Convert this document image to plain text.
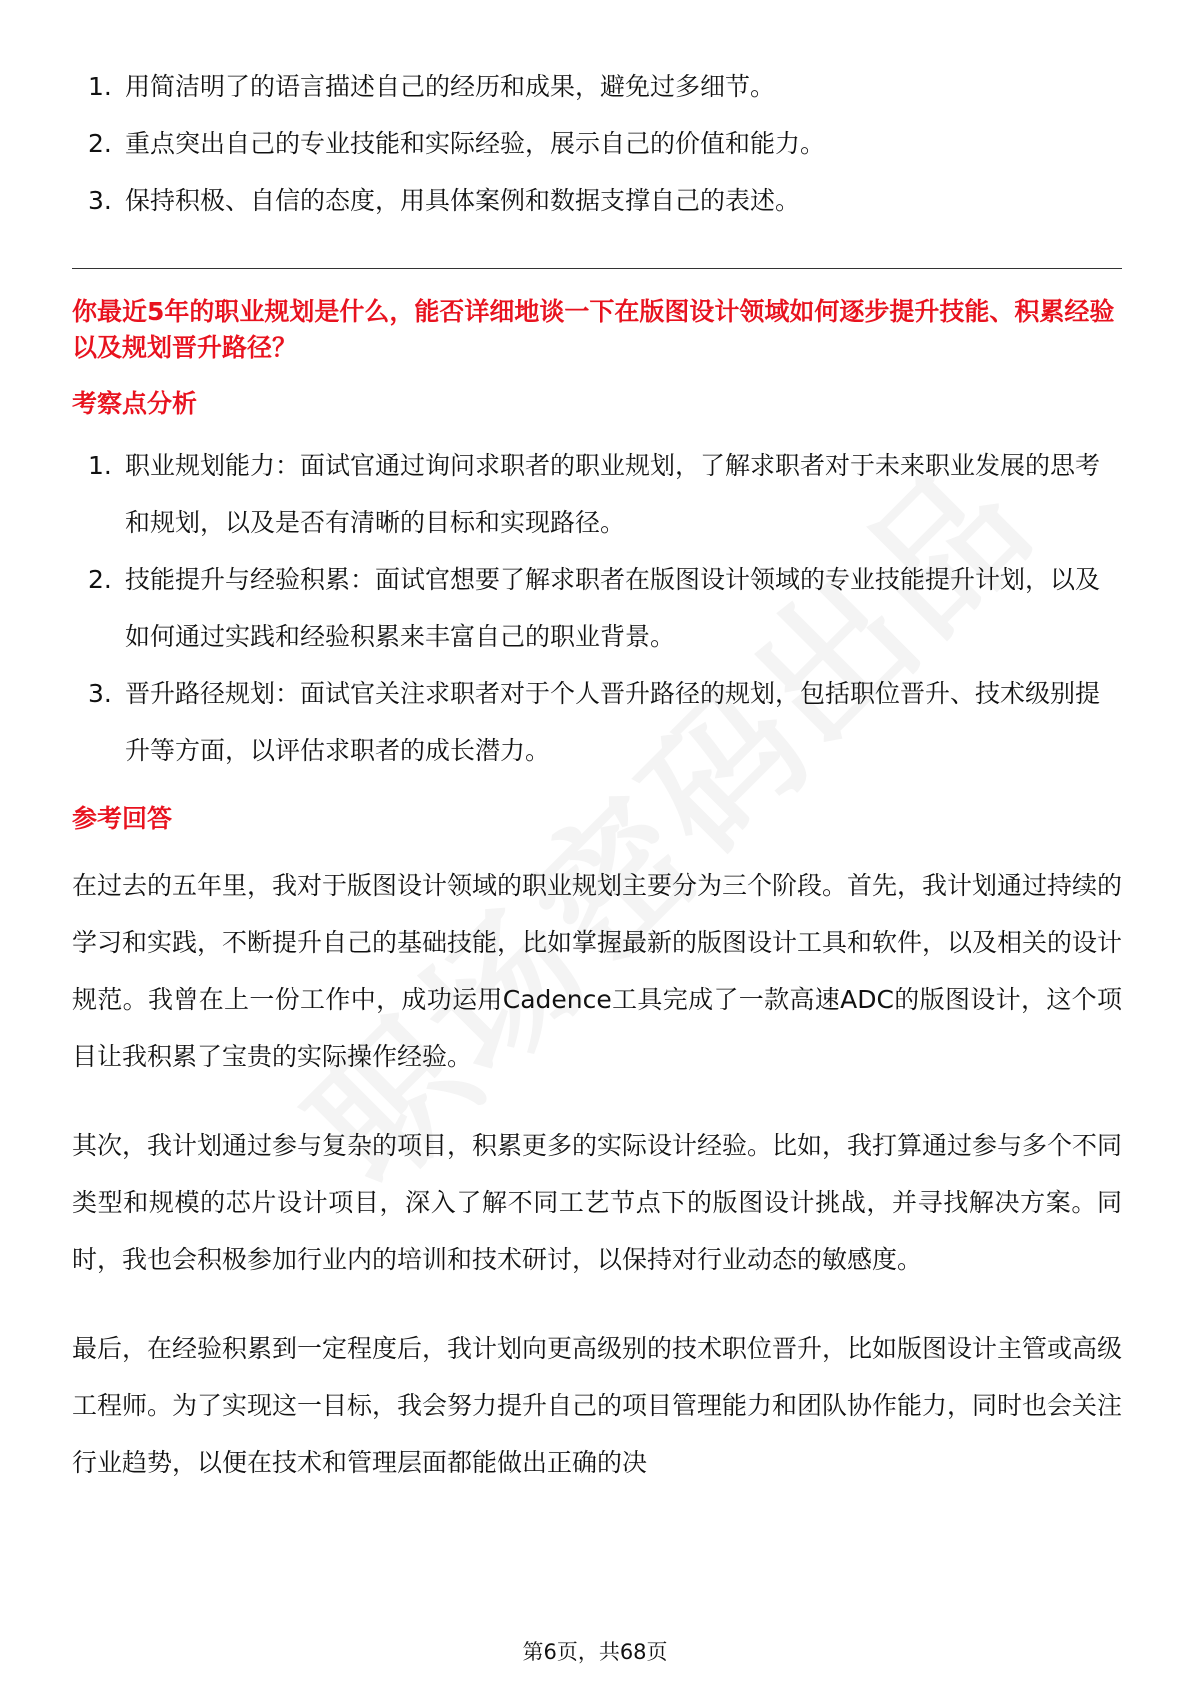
1. 用简洁明了的语言描述自己的经历和成果，避免过多细节。
2. 重点突出自己的专业技能和实际经验，展示自己的价值和能力。
3. 保持积极、自信的态度，用具体案例和数据支撑自己的表述。
你最近5年的职业规划是什么，能否详细地谈一下在版图设计领域如何逐步提升技能、积累经验以及规划晋升路径？
考察点分析
1. 职业规划能力：面试官通过询问求职者的职业规划，了解求职者对于未来职业发展的思考和规划，以及是否有清晰的目标和实现路径。
2. 技能提升与经验积累：面试官想要了解求职者在版图设计领域的专业技能提升计划，以及如何通过实践和经验积累来丰富自己的职业背景。
3. 晋升路径规划：面试官关注求职者对于个人晋升路径的规划，包括职位晋升、技术级别提升等方面，以评估求职者的成长潜力。
参考回答

在过去的五年里，我对于版图设计领域的职业规划主要分为三个阶段。首先，我计划通过持续的学习和实践，不断提升自己的基础技能，比如掌握最新的版图设计工具和软件，以及相关的设计规范。我曾在上一份工作中，成功运用Cadence工具完成了一款高速ADC的版图设计，这个项目让我积累了宝贵的实际操作经验。

其次，我计划通过参与复杂的项目，积累更多的实际设计经验。比如，我打算通过参与多个不同类型和规模的芯片设计项目，深入了解不同工艺节点下的版图设计挑战，并寻找解决方案。同时，我也会积极参加行业内的培训和技术研讨，以保持对行业动态的敏感度。

最后，在经验积累到一定程度后，我计划向更高级别的技术职位晋升，比如版图设计主管或高级工程师。为了实现这一目标，我会努力提升自己的项目管理能力和团队协作能力，同时也会关注行业趋势，以便在技术和管理层面都能做出正确的决

第6页，共68页
